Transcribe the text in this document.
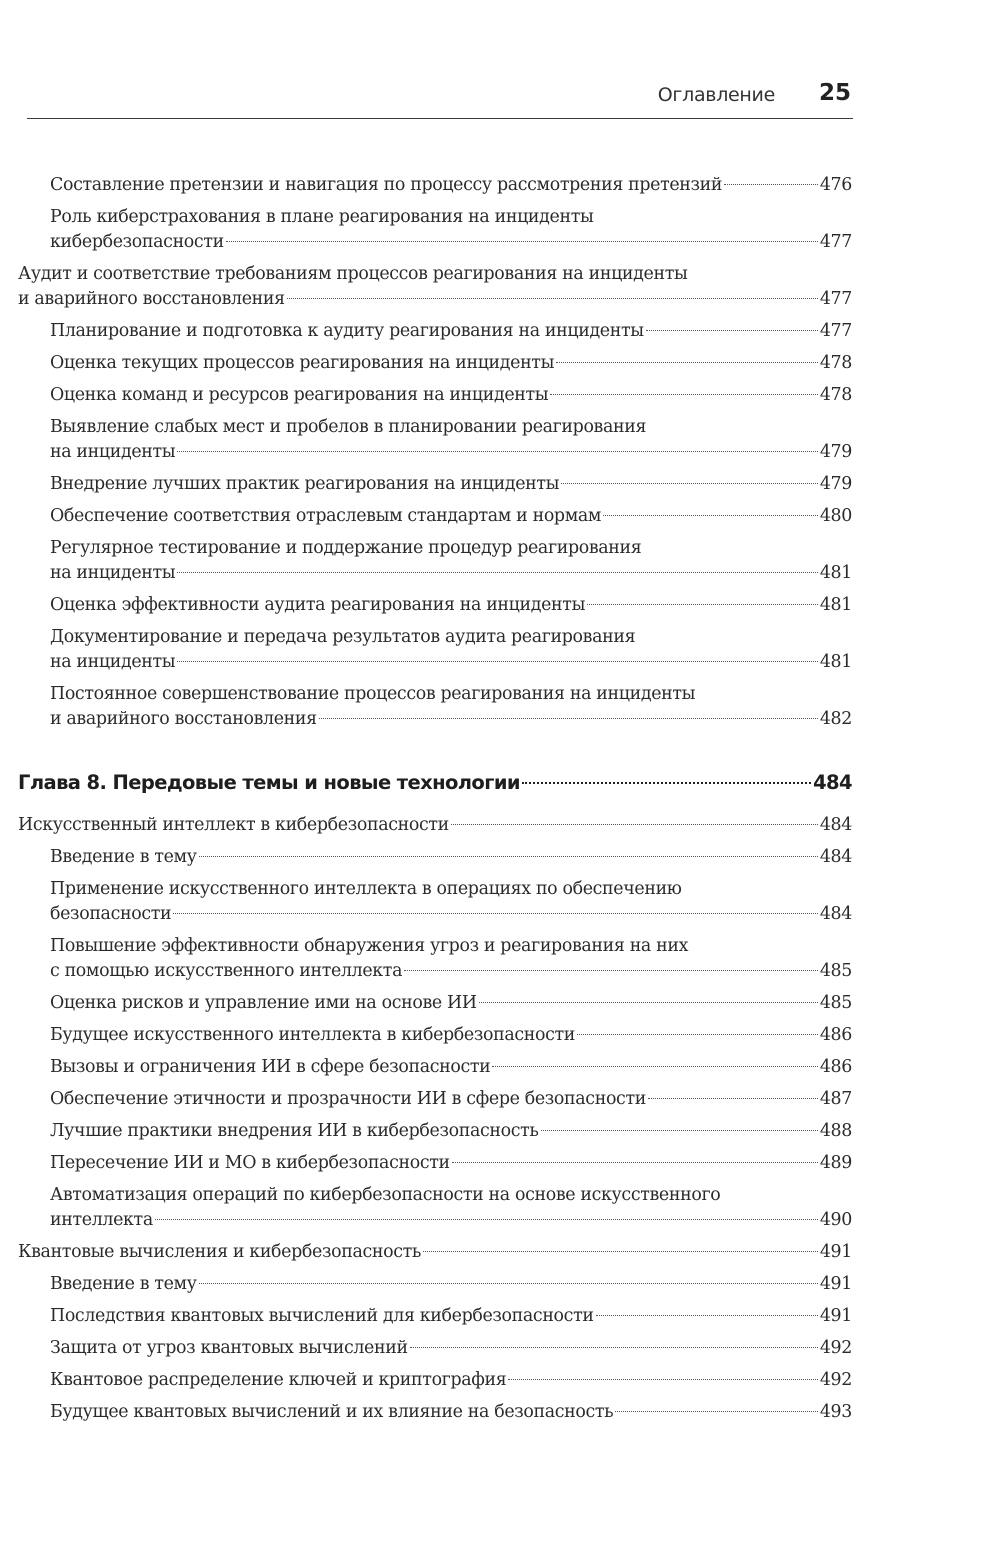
Оглавление 25
Составление претензии и навигация по процессу рассмотрения претензий	476
Роль киберстрахования в плане реагирования на инциденты
кибербезопасности	477
Аудит и соответствие требованиям процессов реагирования на инциденты
и аварийного восстановления	477
Планирование и подготовка к аудиту реагирования на инциденты	477
Оценка текущих процессов реагирования на инциденты	478
Оценка команд и ресурсов реагирования на инциденты	478
Выявление слабых мест и пробелов в планировании реагирования
на инциденты	479
Внедрение лучших практик реагирования на инциденты	479
Обеспечение соответствия отраслевым стандартам и нормам	480
Регулярное тестирование и поддержание процедур реагирования
на инциденты	481
Оценка эффективности аудита реагирования на инциденты	481
Документирование и передача результатов аудита реагирования
на инциденты	481
Постоянное совершенствование процессов реагирования на инциденты
и аварийного восстановления	482
Глава 8. Передовые темы и новые технологии	484
Искусственный интеллект в кибербезопасности	484
Введение в тему	484
Применение искусственного интеллекта в операциях по обеспечению
безопасности	484
Повышение эффективности обнаружения угроз и реагирования на них
с помощью искусственного интеллекта	485
Оценка рисков и управление ими на основе ИИ	485
Будущее искусственного интеллекта в кибербезопасности	486
Вызовы и ограничения ИИ в сфере безопасности	486
Обеспечение этичности и прозрачности ИИ в сфере безопасности	487
Лучшие практики внедрения ИИ в кибербезопасность	488
Пересечение ИИ и МО в кибербезопасности	489
Автоматизация операций по кибербезопасности на основе искусственного
интеллекта	490
Квантовые вычисления и кибербезопасность	491
Введение в тему	491
Последствия квантовых вычислений для кибербезопасности	491
Защита от угроз квантовых вычислений	492
Квантовое распределение ключей и криптография	492
Будущее квантовых вычислений и их влияние на безопасность	493
